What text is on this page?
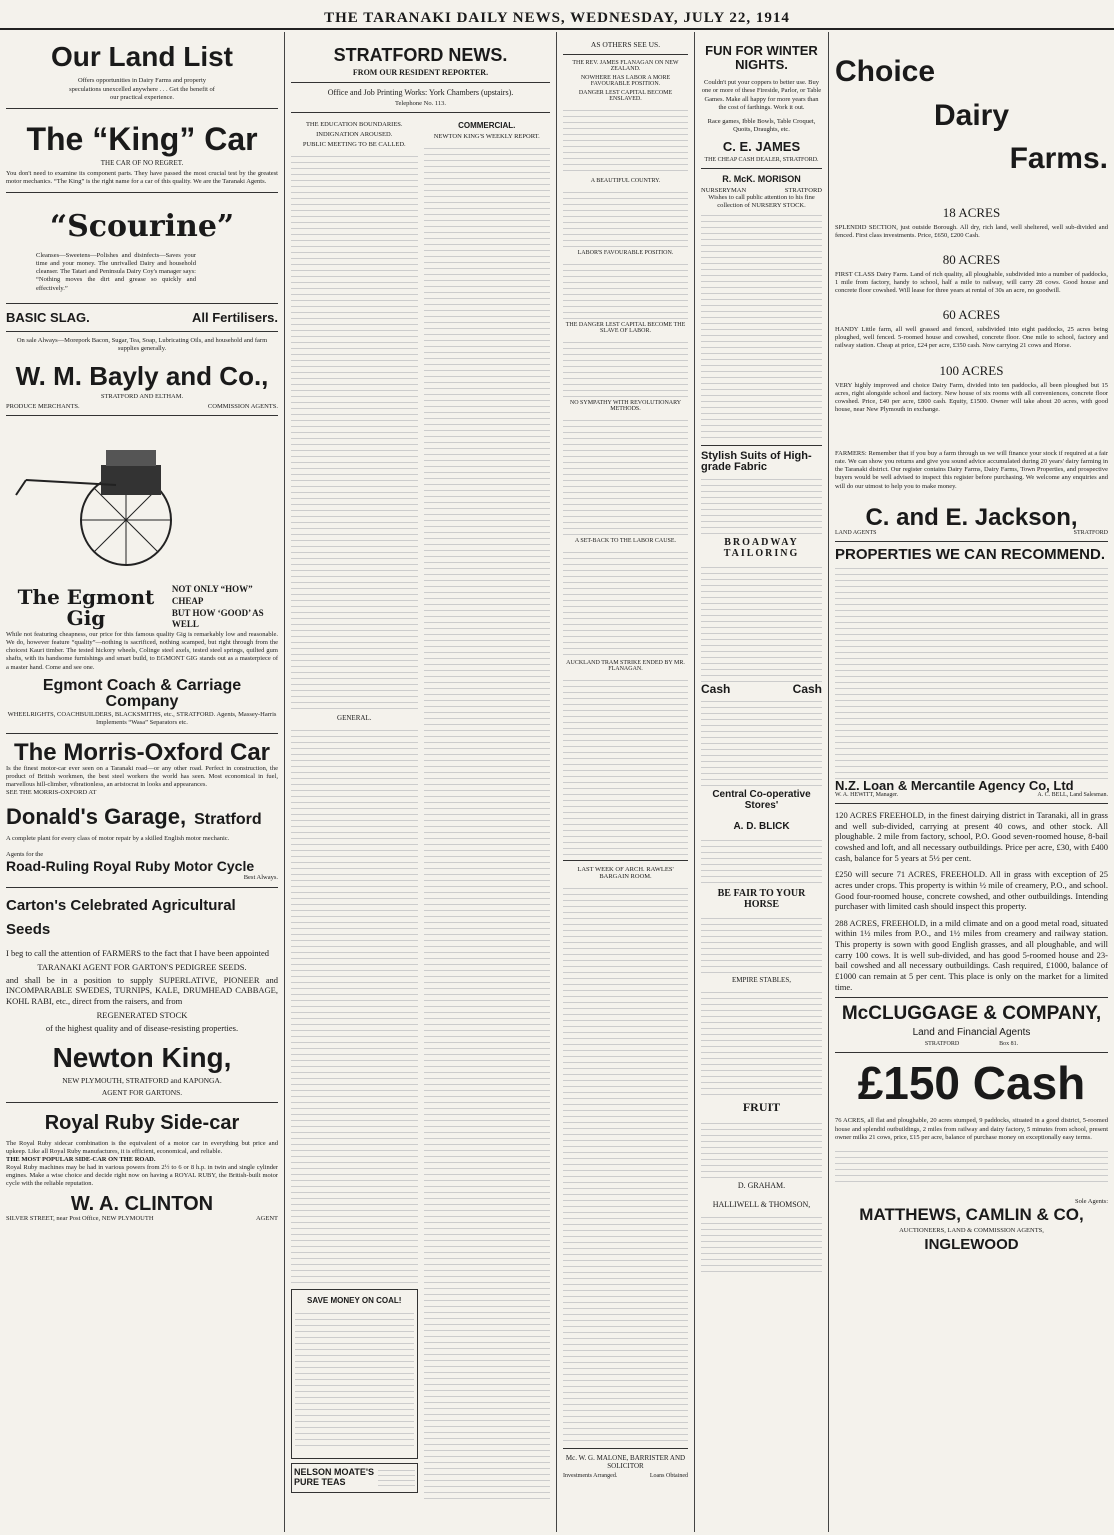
THE TARANAKI DAILY NEWS, WEDNESDAY, JULY 22, 1914
Our Land List
Offers opportunities in Dairy Farms and property speculations unexcelled anywhere . . . Get the benefit of our practical experience.
The “King” Car
THE CAR OF NO REGRET.
You don't need to examine its component parts. They have passed the most crucial test by the greatest motor mechanics. “The King” is the right name for a car of this quality. We are the Taranaki Agents.
“Scourine”
Cleanses—Sweetens—Polishes and disinfects—Saves your time and your money. The unrivalled Dairy and household cleanser. The Tatari and Peninsula Dairy Coy's manager says: “Nothing moves the dirt and grease so quickly and effectively.”
BASIC SLAG.	All Fertilisers.
On sale Always—Morepork Bacon, Sugar, Tea, Soap, Lubricating Oils, and household and farm supplies generally.
W. M. Bayly and Co.,
STRATFORD AND ELTHAM.
PRODUCE MERCHANTS.	COMMISSION AGENTS.
The Egmont Gig
NOT ONLY “HOW” CHEAP
BUT HOW ‘GOOD’ AS WELL
While not featuring cheapness, our price for this famous quality Gig is remarkably low and reasonable. We do, however feature “quality”—nothing is sacrificed, nothing scamped, but right through from the choicest Kauri timber. The tested hickory wheels, Colinge steel axels, tested steel springs, quilted gum shafts, with its handsome furnishings and smart build, to EGMONT GIG stands out as a masterpiece of a master hand. Come and see one.
Egmont Coach & Carriage Company
WHEELRIGHTS, COACHBUILDERS, BLACKSMITHS, etc., STRATFORD. Agents, Massey-Harris Implements “Wasa” Separators etc.
The Morris-Oxford Car
Is the finest motor-car ever seen on a Taranaki road—or any other road. Perfect in construction, the product of British workmen, the best steel workers the world has seen. Most economical in fuel, marvellous hill-climber, vibrationless, an aristocrat in looks and appearances.
SEE THE MORRIS-OXFORD AT
Donald's Garage, Stratford
A complete plant for every class of motor repair by a skilled English motor mechanic.
Agents for the
Road-Ruling Royal Ruby Motor Cycle
Best Always.
Carton's Celebrated Agricultural Seeds
I beg to call the attention of FARMERS to the fact that I have been appointed
TARANAKI AGENT FOR GARTON'S PEDIGREE SEEDS.
and shall be in a position to supply SUPERLATIVE, PIONEER and INCOMPARABLE SWEDES, TURNIPS, KALE, DRUMHEAD CABBAGE, KOHL RABI, etc., direct from the raisers, and from
REGENERATED STOCK
of the highest quality and of disease-resisting properties.
Newton King,
NEW PLYMOUTH, STRATFORD and KAPONGA.
AGENT FOR GARTONS.
Royal Ruby Side-car
The Royal Ruby sidecar combination is the equivalent of a motor car in everything but price and upkeep. Like all Royal Ruby manufactures, it is efficient, economical, and reliable.
THE MOST POPULAR SIDE-CAR ON THE ROAD.
Royal Ruby machines may be had in various powers from 2½ to 6 or 8 h.p. in twin and single cylinder engines. Make a wise choice and decide right now on having a ROYAL RUBY, the British-built motor cycle with the reliable reputation.
W. A. CLINTON
SILVER STREET, near Post Office, NEW PLYMOUTH	AGENT
STRATFORD NEWS.
FROM OUR RESIDENT REPORTER.
Office and Job Printing Works: York Chambers (upstairs).
Telephone No. 113.
THE EDUCATION BOUNDARIES.
INDIGNATION AROUSED.
PUBLIC MEETING TO BE CALLED.
GENERAL.
SAVE MONEY ON COAL!
NELSON MOATE'S
PURE TEAS
COMMERCIAL.
NEWTON KING'S WEEKLY REPORT.
AS OTHERS SEE US.
THE REV. JAMES FLANAGAN ON NEW ZEALAND.
NOWHERE HAS LABOR A MORE FAVOURABLE POSITION.
DANGER LEST CAPITAL BECOME ENSLAVED.
A BEAUTIFUL COUNTRY.
LABOR'S FAVOURABLE POSITION.
THE DANGER LEST CAPITAL BECOME THE SLAVE OF LABOR.
NO SYMPATHY WITH REVOLUTIONARY METHODS.
A SET-BACK TO THE LABOR CAUSE.
AUCKLAND TRAM STRIKE ENDED BY MR. FLANAGAN.
LAST WEEK OF ARCH. RAWLES' BARGAIN ROOM.
Mc. W. G. MALONE, BARRISTER AND SOLICITOR
Investments Arranged.	Loans Obtained
FUN FOR WINTER NIGHTS.
Couldn't put your coppers to better use. Buy one or more of these Fireside, Parlor, or Table Games. Make all happy for more years than the cost of farthings. Work it out.
Race games, Ibble Bowls, Table Croquet, Quoits, Draughts, etc.
C. E. JAMES
THE CHEAP CASH DEALER, STRATFORD.
R. McK. MORISON
NURSERYMAN	STRATFORD
Wishes to call public attention to his fine collection of NURSERY STOCK.
Stylish Suits of High-grade Fabric
BROADWAY TAILORING
Cash	Cash
Central Co-operative Stores'
A. D. BLICK
BE FAIR TO YOUR HORSE
EMPIRE STABLES,
FRUIT
D. GRAHAM.
HALLIWELL & THOMSON,
Choice
Dairy
Farms.
18 ACRES
SPLENDID SECTION, just outside Borough. All dry, rich land, well sheltered, well sub-divided and fenced. First class investments. Price, £650, £200 Cash.
80 ACRES
FIRST CLASS Dairy Farm. Land of rich quality, all ploughable, subdivided into a number of paddocks, 1 mile from factory, handy to school, half a mile to railway, will carry 28 cows. Good house and concrete floor cowshed. Will lease for three years at rental of 30s an acre, no goodwill.
60 ACRES
HANDY Little farm, all well grassed and fenced, subdivided into eight paddocks, 25 acres being ploughed, well fenced. 5-roomed house and cowshed, concrete floor. One mile to school, factory and railway station. Cheap at price, £24 per acre, £350 cash. Now carrying 21 cows and Horse.
100 ACRES
VERY highly improved and choice Dairy Farm, divided into ten paddocks, all been ploughed but 15 acres, right alongside school and factory. New house of six rooms with all conveniences, concrete floor cowshed. Price, £40 per acre, £800 cash. Equity, £1500. Owner will take about 20 acres, with good house, near New Plymouth in exchange.
FARMERS: Remember that if you buy a farm through us we will finance your stock if required at a fair rate. We can show you returns and give you sound advice accumulated during 20 years' dairy farming in the Taranaki district. Our register contains Dairy Farms, Dairy Farms, Town Properties, and prospective buyers would be well advised to inspect this register before purchasing. We welcome any enquiries and will do our utmost to help you to make money.
C. and E. Jackson,
LAND AGENTS	STRATFORD
PROPERTIES WE CAN RECOMMEND.
N.Z. Loan & Mercantile Agency Co, Ltd
W. A. HEWITT, Manager.	A. C. BELL, Land Salesman.
120 ACRES FREEHOLD, in the finest dairying district in Taranaki, all in grass and well sub-divided, carrying at present 40 cows, and other stock. All ploughable. 2 mile from factory, school, P.O. Good seven-roomed house, 8-bail cowshed and loft, and all necessary outbuildings. Price per acre, £30, with £400 cash, balance for 5 years at 5½ per cent.
£250 will secure 71 ACRES, FREEHOLD. All in grass with exception of 25 acres under crops. This property is within ½ mile of creamery, P.O., and school. Good four-roomed house, concrete cowshed, and other outbuildings. Intending purchaser with limited cash should inspect this property.
288 ACRES, FREEHOLD, in a mild climate and on a good metal road, situated within 1½ miles from P.O., and 1½ miles from creamery and railway station. This property is sown with good English grasses, and all ploughable, and will carry 100 cows. It is well sub-divided, and has good 5-roomed house and 23-bail cowshed and all necessary outbuildings. Cash required, £1000, balance of £1000 can remain at 5 per cent. This place is only on the market for a limited time.
McCLUGGAGE & COMPANY,
Land and Financial Agents
STRATFORD	Box 81.
£150 Cash
76 ACRES, all flat and ploughable, 20 acres stumped, 9 paddocks, situated in a good district, 5-roomed house and splendid outbuildings, 2 miles from railway and dairy factory, 5 minutes from school, present owner milks 21 cows, price, £15 per acre, balance of purchase money on exceptionally easy terms.
Sole Agents:
MATTHEWS, CAMLIN & CO,
AUCTIONEERS, LAND & COMMISSION AGENTS,
INGLEWOOD
